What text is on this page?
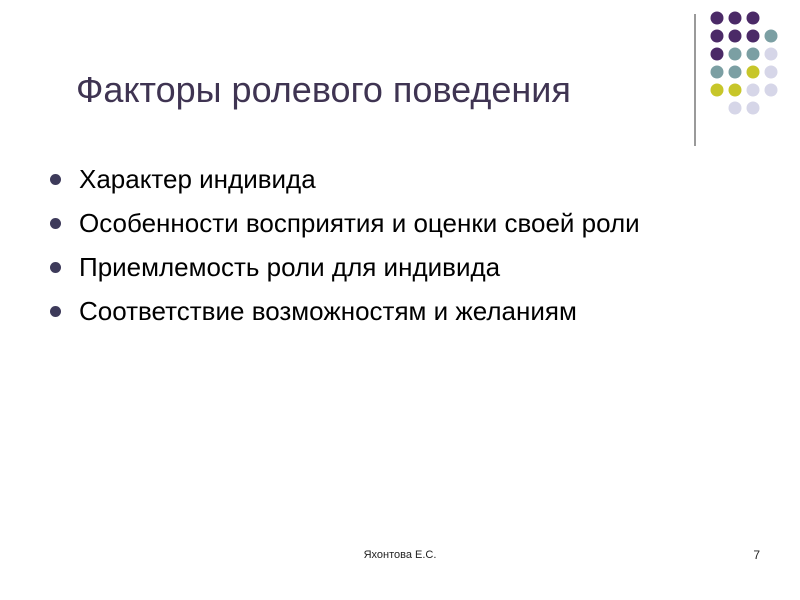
Факторы ролевого поведения
Характер индивида
Особенности восприятия и оценки своей роли
Приемлемость роли для индивида
Соответствие возможностям и желаниям
Яхонтова Е.С.	7
